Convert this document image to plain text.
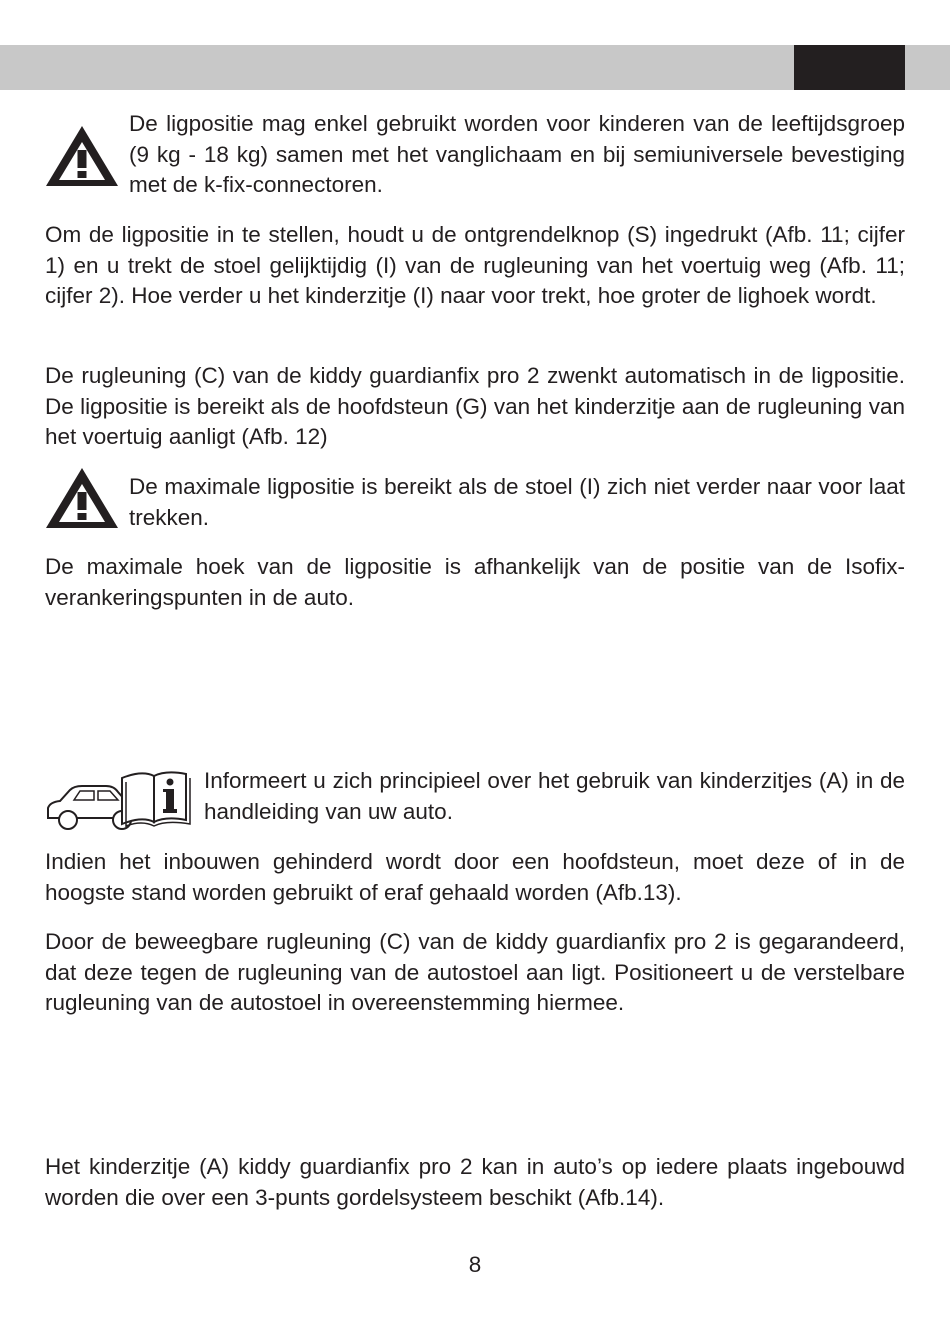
De ligpositie mag enkel gebruikt worden voor kinderen van de leeftijdsgroep (9 kg - 18 kg) samen met het vanglichaam en bij semiuniversele bevestiging met de k-fix-connectoren.

Om de ligpositie in te stellen, houdt u de ontgrendelknop (S) ingedrukt (Afb. 11; cijfer 1) en u trekt de stoel gelijktijdig (I) van de rugleuning van het voertuig weg (Afb. 11; cijfer 2). Hoe verder u het kinderzitje (I) naar voor trekt, hoe groter de lighoek wordt.

De rugleuning (C) van de kiddy guardianfix pro 2 zwenkt automatisch in de ligpositie. De ligpositie is bereikt als de hoofdsteun (G) van het kinderzitje aan de rugleuning van het voertuig aanligt (Afb. 12)

De maximale ligpositie is bereikt als de stoel (I) zich niet verder naar voor laat trekken.

De maximale hoek van de ligpositie is afhankelijk van de positie van de Isofix-verankeringspunten in de auto.

Informeert u zich principieel over het gebruik van kinderzitjes (A) in de handleiding van uw auto.

Indien het inbouwen gehinderd wordt door een hoofdsteun, moet deze of in de hoogste stand worden gebruikt of eraf gehaald worden (Afb.13).

Door de beweegbare rugleuning (C) van de kiddy guardianfix pro 2 is gegarandeerd, dat deze tegen de rugleuning van de autostoel aan ligt. Positioneert u de verstelbare rugleuning van de autostoel in overeenstemming hiermee.

Het kinderzitje (A) kiddy guardianfix pro 2 kan in auto’s op iedere plaats ingebouwd worden die over een 3-punts gordelsysteem beschikt (Afb.14).

8
